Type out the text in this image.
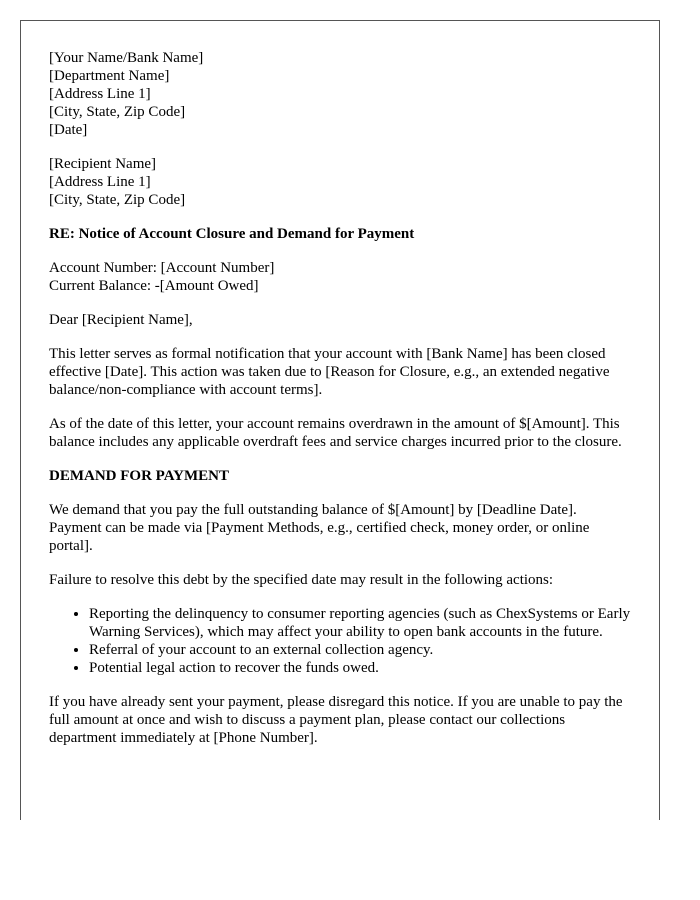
[Your Name/Bank Name]
[Department Name]
[Address Line 1]
[City, State, Zip Code]
[Date]
[Recipient Name]
[Address Line 1]
[City, State, Zip Code]

RE: Notice of Account Closure and Demand for Payment

Account Number: [Account Number]
Current Balance: -[Amount Owed]

Dear [Recipient Name],

This letter serves as formal notification that your account with [Bank Name] has been closed effective [Date]. This action was taken due to [Reason for Closure, e.g., an extended negative balance/non-compliance with account terms].

As of the date of this letter, your account remains overdrawn in the amount of $[Amount]. This balance includes any applicable overdraft fees and service charges incurred prior to the closure.

DEMAND FOR PAYMENT

We demand that you pay the full outstanding balance of $[Amount] by [Deadline Date]. Payment can be made via [Payment Methods, e.g., certified check, money order, or online portal].

Failure to resolve this debt by the specified date may result in the following actions:

• Reporting the delinquency to consumer reporting agencies (such as ChexSystems or Early Warning Services), which may affect your ability to open bank accounts in the future.
• Referral of your account to an external collection agency.
• Potential legal action to recover the funds owed.

If you have already sent your payment, please disregard this notice. If you are unable to pay the full amount at once and wish to discuss a payment plan, please contact our collections department immediately at [Phone Number].
